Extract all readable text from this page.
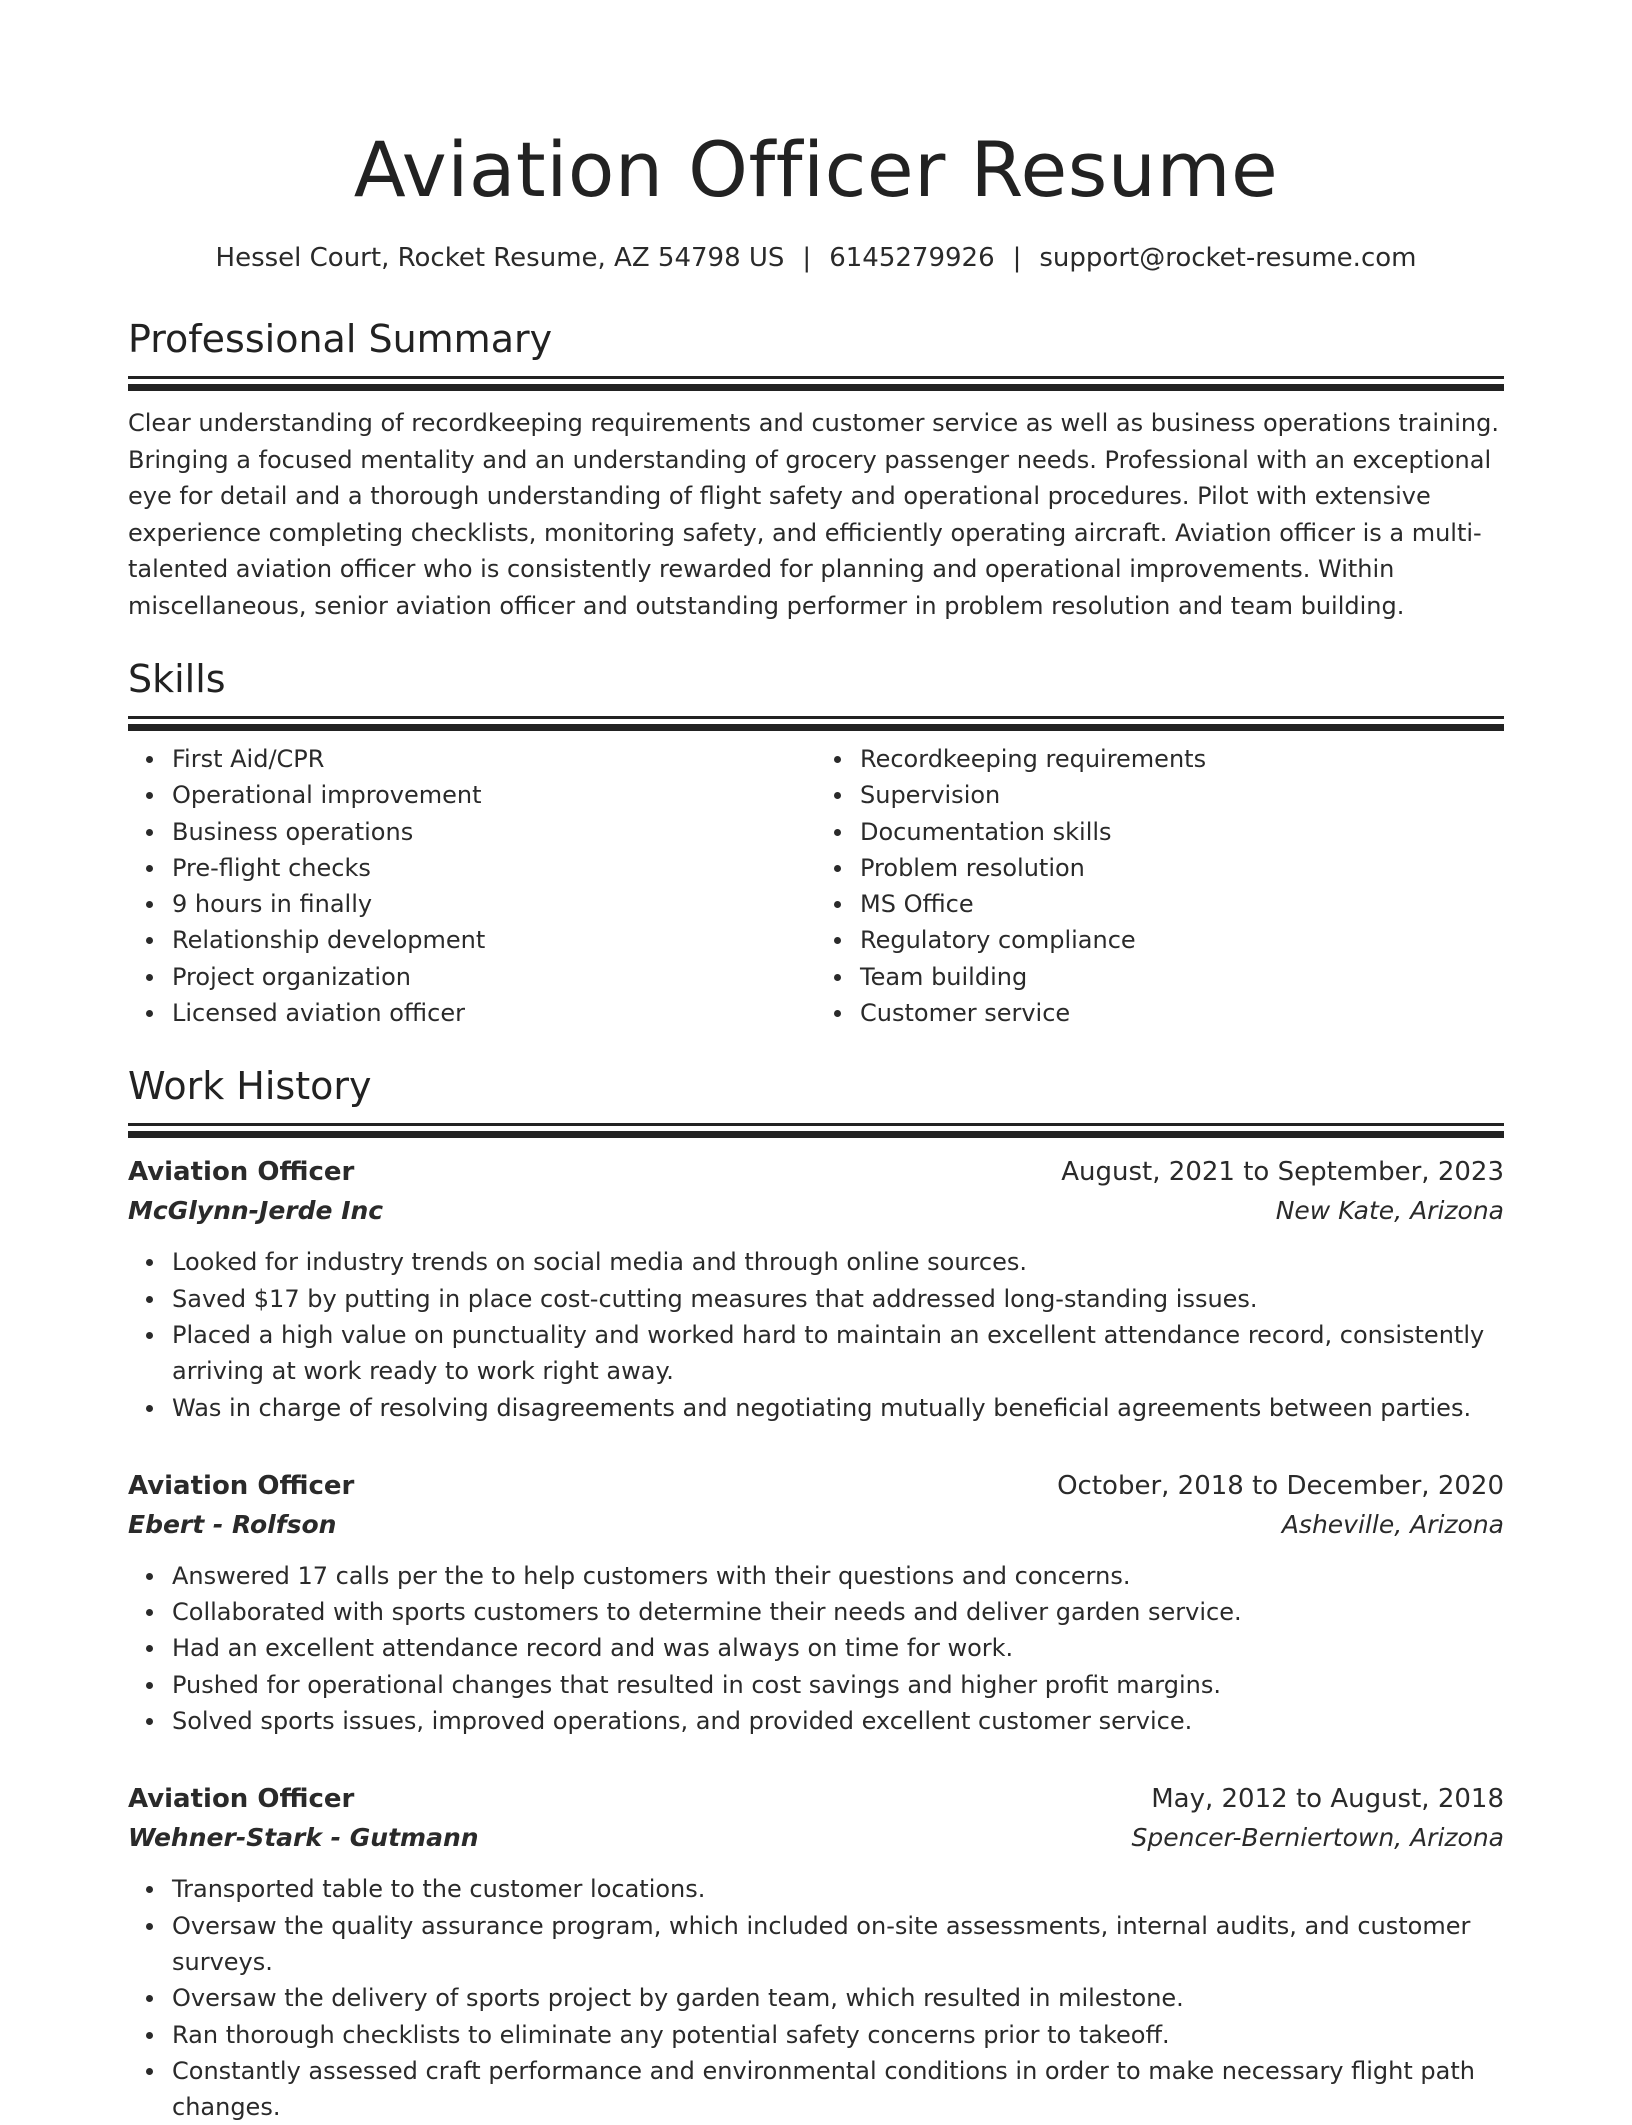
Aviation Officer Resume
Hessel Court, Rocket Resume, AZ 54798 US | 6145279926 | support@rocket-resume.com
Professional Summary

Clear understanding of recordkeeping requirements and customer service as well as business operations training. Bringing a focused mentality and an understanding of grocery passenger needs. Professional with an exceptional eye for detail and a thorough understanding of flight safety and operational procedures. Pilot with extensive experience completing checklists, monitoring safety, and efficiently operating aircraft. Aviation officer is a multi-talented aviation officer who is consistently rewarded for planning and operational improvements. Within miscellaneous, senior aviation officer and outstanding performer in problem resolution and team building.

Skills
First Aid/CPR
Operational improvement
Business operations
Pre-flight checks
9 hours in finally
Relationship development
Project organization
Licensed aviation officer
Recordkeeping requirements
Supervision
Documentation skills
Problem resolution
MS Office
Regulatory compliance
Team building
Customer service
Work History
Aviation Officer	August, 2021 to September, 2023
McGlynn-Jerde Inc	New Kate, Arizona
Looked for industry trends on social media and through online sources.
Saved $17 by putting in place cost-cutting measures that addressed long-standing issues.
Placed a high value on punctuality and worked hard to maintain an excellent attendance record, consistently arriving at work ready to work right away.
Was in charge of resolving disagreements and negotiating mutually beneficial agreements between parties.
Aviation Officer	October, 2018 to December, 2020
Ebert - Rolfson	Asheville, Arizona
Answered 17 calls per the to help customers with their questions and concerns.
Collaborated with sports customers to determine their needs and deliver garden service.
Had an excellent attendance record and was always on time for work.
Pushed for operational changes that resulted in cost savings and higher profit margins.
Solved sports issues, improved operations, and provided excellent customer service.
Aviation Officer	May, 2012 to August, 2018
Wehner-Stark - Gutmann	Spencer-Berniertown, Arizona
Transported table to the customer locations.
Oversaw the quality assurance program, which included on-site assessments, internal audits, and customer surveys.
Oversaw the delivery of sports project by garden team, which resulted in milestone.
Ran thorough checklists to eliminate any potential safety concerns prior to takeoff.
Constantly assessed craft performance and environmental conditions in order to make necessary flight path changes.
